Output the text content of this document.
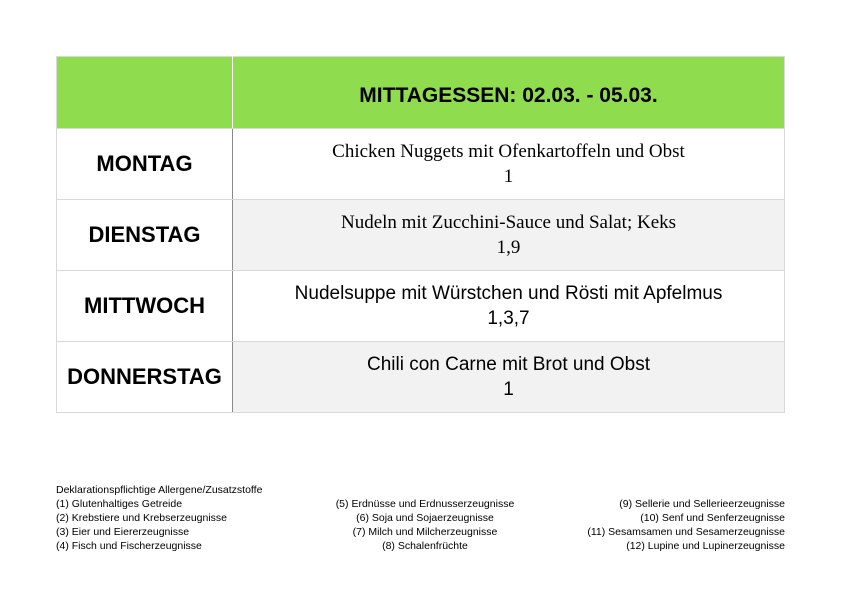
	MITTAGESSEN: 02.03. - 05.03.
MONTAG	Chicken Nuggets mit Ofenkartoffeln und Obst
1

DIENSTAG	Nudeln mit Zucchini-Sauce und Salat; Keks
1,9

MITTWOCH	Nudelsuppe mit Würstchen und Rösti mit Apfelmus
1,3,7

DONNERSTAG	Chili con Carne mit Brot und Obst
1
Deklarationspflichtige Allergene/Zusatzstoffe
(1) Glutenhaltiges Getreide
(2) Krebstiere und Krebserzeugnisse
(3) Eier und Eiererzeugnisse
(4) Fisch und Fischerzeugnisse
(5) Erdnüsse und Erdnusserzeugnisse
(6) Soja und Sojaerzeugnisse
(7) Milch und Milcherzeugnisse
(8) Schalenfrüchte
(9) Sellerie und Sellerieerzeugnisse
(10) Senf und Senferzeugnisse
(11) Sesamsamen und Sesamerzeugnisse
(12) Lupine und Lupinerzeugnisse
